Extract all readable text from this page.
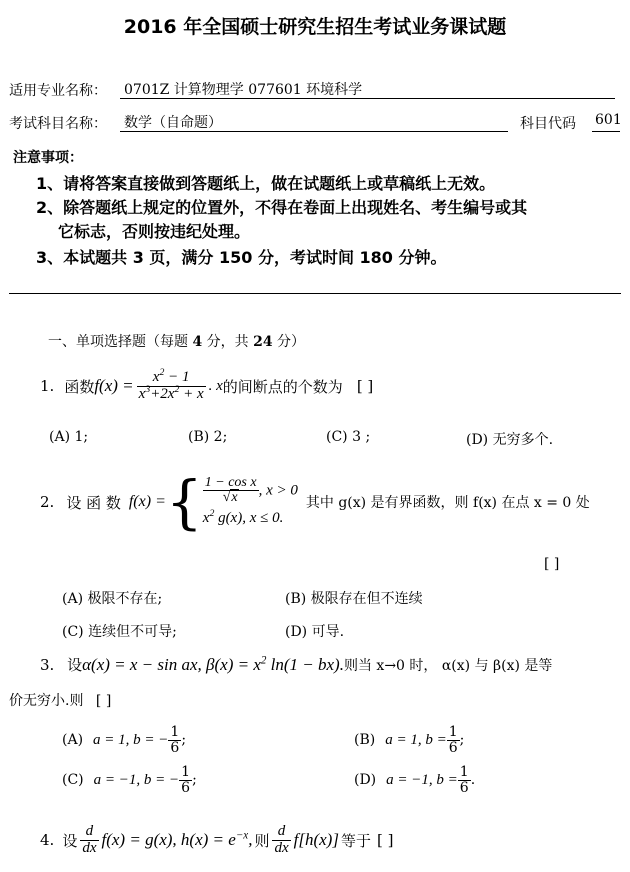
2016 年全国硕士研究生招生考试业务课试题
适用专业名称： 0701Z 计算物理学 077601 环境科学
考试科目名称： 数学（自命题）	科目代码 601
注意事项：
1、请将答案直接做到答题纸上，做在试题纸上或草稿纸上无效。
2、除答题纸上规定的位置外，不得在卷面上出现姓名、考生编号或其
它标志，否则按违纪处理。
3、本试题共 3 页，满分 150 分，考试时间 180 分钟。
一、单项选择题（每题 4 分，共 24 分）
1. 函数 $f(x) = \frac{x^2 - 1}{x^3+2x^2 + x}$ . x 的间断点的个数为 [ ]
(A) 1;	(B) 2;	(C) 3 ;	(D) 无穷多个.
2. 设 函 数 f(x) = { $\frac{\text{1 − cos x}}{√x}$ , x > 0
$x^2$ g(x), x ≤ 0.
其中 g(x) 是有界函数，则 f(x) 在点 x = 0 处
[ ]
(A) 极限不存在;	(B) 极限存在但不连续
(C) 连续但不可导;	(D) 可导.
3. 设α(x) = x − sin ax, $\beta(x) = x^2$ ln(1 − bx).则当 x→0 时， α(x) 与 β(x) 是等
价无穷小.则 [ ]
(A) a = 1, b = − $\frac{1}{6}$ ;	(B) a = 1, $b = \frac{1}{6}$ ;
(C) a = −1, b = − $\frac{1}{6}$ ;	(D) a = −1, $b = \frac{1}{6}$ .
4. 设 $\frac{d}{dx} f(x) = g(x)$, $h(x) = e^{-x}$, 则 $\frac{d}{dx} f[h(x)]$ 等于 [ ]
